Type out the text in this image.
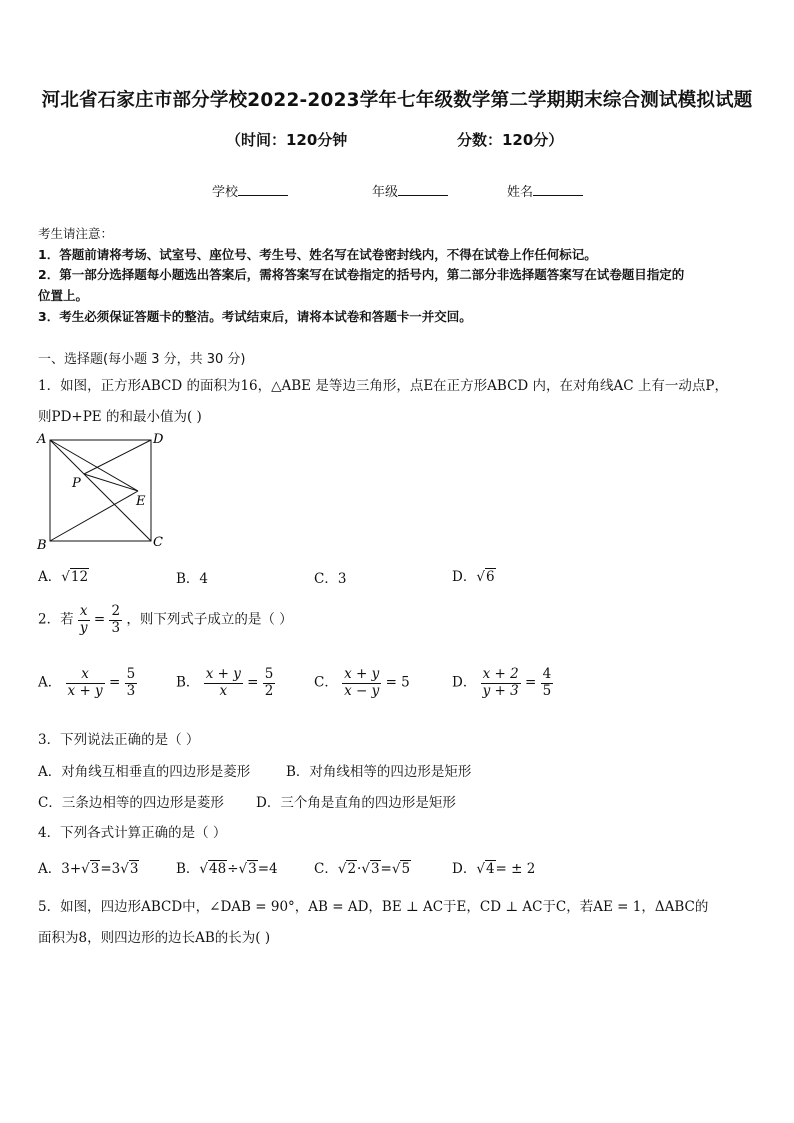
河北省石家庄市部分学校2022-2023学年七年级数学第二学期期末综合测试模拟试题
（时间：120分钟	分数：120分）
学校	年级	姓名
考生请注意：
1．答题前请将考场、试室号、座位号、考生号、姓名写在试卷密封线内，不得在试卷上作任何标记。
2．第一部分选择题每小题选出答案后，需将答案写在试卷指定的括号内，第二部分非选择题答案写在试卷题目指定的
位置上。
3．考生必须保证答题卡的整洁。考试结束后，请将本试卷和答题卡一并交回。
一、选择题(每小题 3 分，共 30 分)
1．如图，正方形ABCD 的面积为16，△ABE 是等边三角形，点E在正方形ABCD 内，在对角线AC 上有一动点P，
则PD+PE 的和最小值为( )
A	D
B	C
P
E
A．√12	B．4	C．3	D．√6
2．若 $\frac{x}{y} = \frac{2}{3}$ ，则下列式子成立的是（ ）
A． $\frac{x}{x + y} = \frac{5}{3}$	B． $\frac{x + y}{x} = \frac{5}{2}$	C． $\frac{x + y}{x - y} = 5$	D． $\frac{x + 2}{y + 3} = \frac{4}{5}$
3．下列说法正确的是（ ）
A．对角线互相垂直的四边形是菱形	B．对角线相等的四边形是矩形
C．三条边相等的四边形是菱形 D．三个角是直角的四边形是矩形
4．下列各式计算正确的是（ ）
A．3+√3=3√3	B．√48÷√3=4	C．√2·√3=√5	D．√4= ± 2
5．如图，四边形ABCD中，∠DAB = 90°，AB = AD，BE ⊥ AC于E，CD ⊥ AC于C，若AE = 1，ΔABC的
面积为8，则四边形的边长AB的长为( )
